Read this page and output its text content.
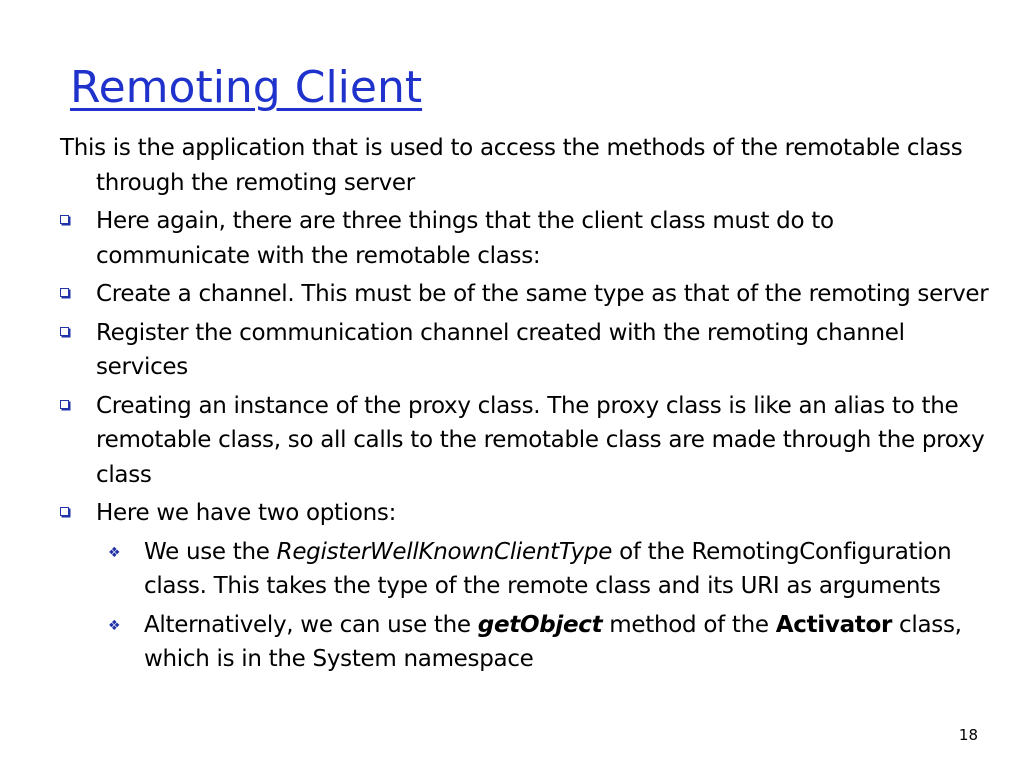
Remoting Client

This is the application that is used to access the methods of the remotable class through the remoting server

Here again, there are three things that the client class must do to communicate with the remotable class:
Create a channel. This must be of the same type as that of the remoting server
Register the communication channel created with the remoting channel services
Creating an instance of the proxy class. The proxy class is like an alias to the remotable class, so all calls to the remotable class are made through the proxy class
Here we have two options:
❖ We use the RegisterWellKnownClientType of the RemotingConfiguration class. This takes the type of the remote class and its URI as arguments
❖ Alternatively, we can use the getObject method of the Activator class, which is in the System namespace
18
